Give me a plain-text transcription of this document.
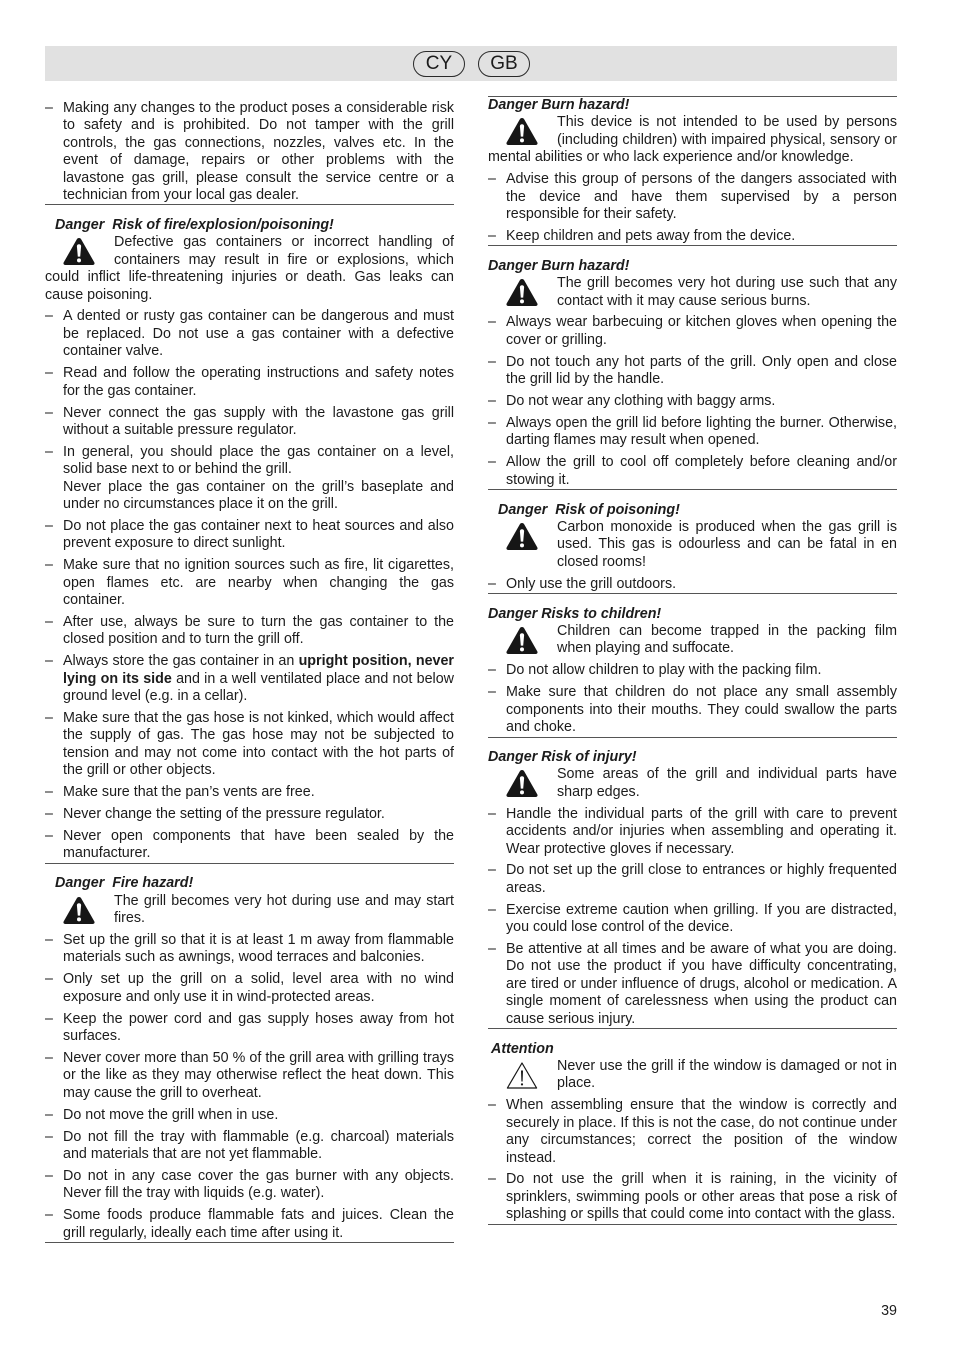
CY	GB
– Making any changes to the product poses a considerable risk to safety and is prohibited. Do not tamper with the grill controls, the gas connections, nozzles, valves etc. In the event of damage, repairs or other problems with the lavastone gas grill, please consult the service centre or a technician from your local gas dealer.
Danger  Risk of fire/explosion/poisoning!
Defective gas containers or incorrect handling of containers may result in fire or explosions, which could inflict life-threatening injuries or death. Gas leaks can cause poisoning.
– A dented or rusty gas container can be dangerous and must be replaced. Do not use a gas container with a defective container valve.
– Read and follow the operating instructions and safety notes for the gas container.
– Never connect the gas supply with the lavastone gas grill without a suitable pressure regulator.
– In general, you should place the gas container on a level, solid base next to or behind the grill.
Never place the gas container on the grill’s baseplate and under no circumstances place it on the grill.
– Do not place the gas container next to heat sources and also prevent exposure to direct sunlight.
– Make sure that no ignition sources such as fire, lit cigarettes, open flames etc. are nearby when changing the gas container.
– After use, always be sure to turn the gas container to the closed position and to turn the grill off.
– Always store the gas container in an upright position, never lying on its side and in a well ventilated place and not below ground level (e.g. in a cellar).
– Make sure that the gas hose is not kinked, which would affect the supply of gas. The gas hose may not be subjected to tension and may not come into contact with the hot parts of the grill or other objects.
– Make sure that the pan’s vents are free.
– Never change the setting of the pressure regulator.
– Never open components that have been sealed by the manufacturer.
Danger  Fire hazard!
The grill becomes very hot during use and may start fires.
– Set up the grill so that it is at least 1 m away from flammable materials such as awnings, wood terraces and balconies.
– Only set up the grill on a solid, level area with no wind exposure and only use it in wind-protected areas.
– Keep the power cord and gas supply hoses away from hot surfaces.
– Never cover more than 50 % of the grill area with grilling trays or the like as they may otherwise reflect the heat down. This may cause the grill to overheat.
– Do not move the grill when in use.
– Do not fill the tray with flammable (e.g. charcoal) materials and materials that are not yet flammable.
– Do not in any case cover the gas burner with any objects. Never fill the tray with liquids (e.g. water).
– Some foods produce flammable fats and juices. Clean the grill regularly, ideally each time after using it.
Danger Burn hazard!
This device is not intended to be used by persons (including children) with impaired physical, sensory or mental abilities or who lack experience and/or knowledge.
– Advise this group of persons of the dangers associated with the device and have them supervised by a person responsible for their safety.
– Keep children and pets away from the device.
Danger Burn hazard!
The grill becomes very hot during use such that any contact with it may cause serious burns.
– Always wear barbecuing or kitchen gloves when opening the cover or grilling.
– Do not touch any hot parts of the grill. Only open and close the grill lid by the handle.
– Do not wear any clothing with baggy arms.
– Always open the grill lid before lighting the burner. Otherwise, darting flames may result when opened.
– Allow the grill to cool off completely before cleaning and/or stowing it.
Danger  Risk of poisoning!
Carbon monoxide is produced when the gas grill is used. This gas is odourless and can be fatal in en closed rooms!
– Only use the grill outdoors.
Danger Risks to children!
Children can become trapped in the packing film when playing and suffocate.
– Do not allow children to play with the packing film.
– Make sure that children do not place any small assembly components into their mouths. They could swallow the parts and choke.
Danger Risk of injury!
Some areas of the grill and individual parts have sharp edges.
– Handle the individual parts of the grill with care to prevent accidents and/or injuries when assembling and operating it. Wear protective gloves if necessary.
– Do not set up the grill close to entrances or highly frequented areas.
– Exercise extreme caution when grilling. If you are distracted, you could lose control of the device.
– Be attentive at all times and be aware of what you are doing. Do not use the product if you have difficulty concentrating, are tired or under influence of drugs, alcohol or medication. A single moment of carelessness when using the product can cause serious injury.
Attention
Never use the grill if the window is damaged or not in place.
– When assembling ensure that the window is correctly and securely in place. If this is not the case, do not continue under any circumstances; correct the position of the window instead.
– Do not use the grill when it is raining, in the vicinity of sprinklers, swimming pools or other areas that pose a risk of splashing or spills that could come into contact with the glass.
39
